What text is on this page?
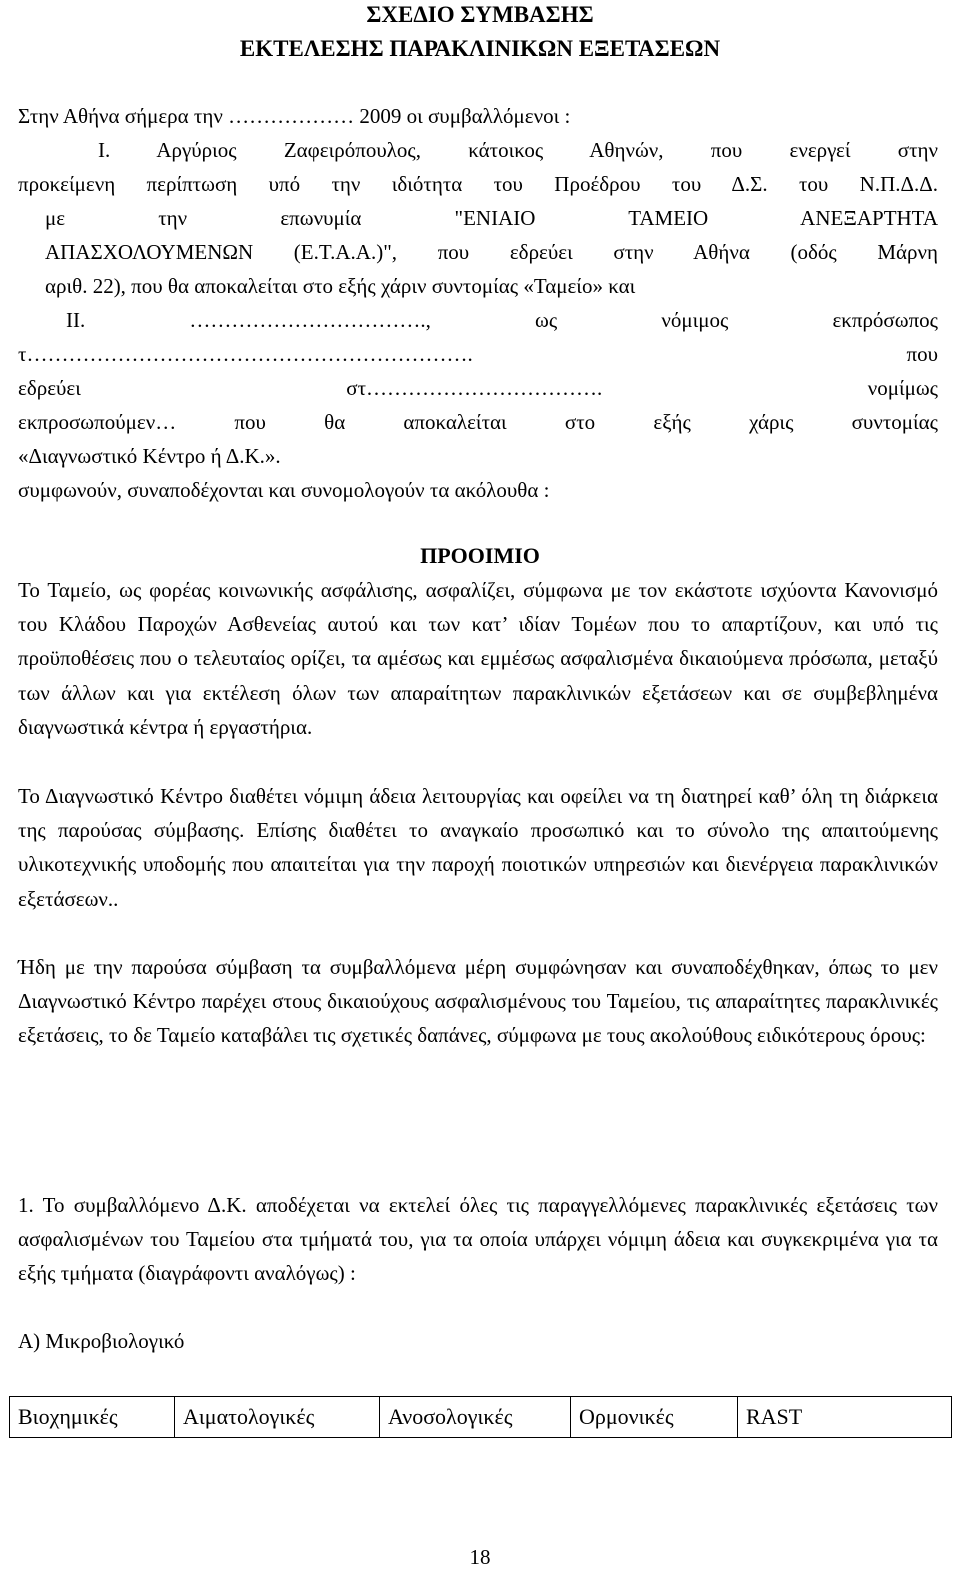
ΣΧΕΔΙΟ ΣΥΜΒΑΣΗΣ

ΕΚΤΕΛΕΣΗΣ ΠΑΡΑΚΛΙΝΙΚΩΝ ΕΞΕΤΑΣΕΩΝ

Στην Αθήνα σήμερα την ……………… 2009 οι συμβαλλόμενοι :

Ι. Αργύριος Ζαφειρόπουλος, κάτοικος Αθηνών, που ενεργεί στην

προκείμενη περίπτωση υπό την ιδιότητα του Προέδρου του Δ.Σ. του Ν.Π.Δ.Δ.

με την επωνυμία "ΕΝΙΑΙΟ ΤΑΜΕΙΟ ΑΝΕΞΑΡΤΗΤΑ

ΑΠΑΣΧΟΛΟΥΜΕΝΩΝ (Ε.Τ.Α.Α.)", που εδρεύει στην Αθήνα (οδός Μάρνη

αριθ. 22), που θα αποκαλείται στο εξής χάριν συντομίας «Ταμείο» και

ΙΙ. ……………………………., ως νόμιμος εκπρόσωπος

τ………………………………………………………. που

εδρεύει στ……………………………. νομίμως

εκπροσωπούμεν… που θα αποκαλείται στο εξής χάρις συντομίας

«Διαγνωστικό Κέντρο ή Δ.Κ.».

συμφωνούν, συναποδέχονται και συνομολογούν τα ακόλουθα :

ΠΡΟΟΙΜΙΟ

Το Ταμείο, ως φορέας κοινωνικής ασφάλισης, ασφαλίζει, σύμφωνα με τον εκάστοτε ισχύοντα Κανονισμό του Κλάδου Παροχών Ασθενείας αυτού και των κατ’ ιδίαν Τομέων που το απαρτίζουν, και υπό τις προϋποθέσεις που ο τελευταίος ορίζει, τα αμέσως και εμμέσως ασφαλισμένα δικαιούμενα πρόσωπα, μεταξύ των άλλων και για εκτέλεση όλων των απαραίτητων παρακλινικών εξετάσεων και σε συμβεβλημένα διαγνωστικά κέντρα ή εργαστήρια.

Το Διαγνωστικό Κέντρο διαθέτει νόμιμη άδεια λειτουργίας και οφείλει να τη διατηρεί καθ’ όλη τη διάρκεια της παρούσας σύμβασης. Επίσης διαθέτει το αναγκαίο προσωπικό και το σύνολο της απαιτούμενης υλικοτεχνικής υποδομής που απαιτείται για την παροχή ποιοτικών υπηρεσιών και διενέργεια παρακλινικών εξετάσεων..

Ήδη με την παρούσα σύμβαση τα συμβαλλόμενα μέρη συμφώνησαν και συναποδέχθηκαν, όπως το μεν Διαγνωστικό Κέντρο παρέχει στους δικαιούχους ασφαλισμένους του Ταμείου, τις απαραίτητες παρακλινικές εξετάσεις, το δε Ταμείο καταβάλει τις σχετικές δαπάνες, σύμφωνα με τους ακολούθους ειδικότερους όρους:

1. Το συμβαλλόμενο Δ.Κ. αποδέχεται να εκτελεί όλες τις παραγγελλόμενες παρακλινικές εξετάσεις των ασφαλισμένων του Ταμείου στα τμήματά του, για τα οποία υπάρχει νόμιμη άδεια και συγκεκριμένα για τα εξής τμήματα (διαγράφοντι αναλόγως) :

Α) Μικροβιολογικό

Βιοχημικές	Αιματολογικές	Ανοσολογικές	Ορμονικές	RAST
18
